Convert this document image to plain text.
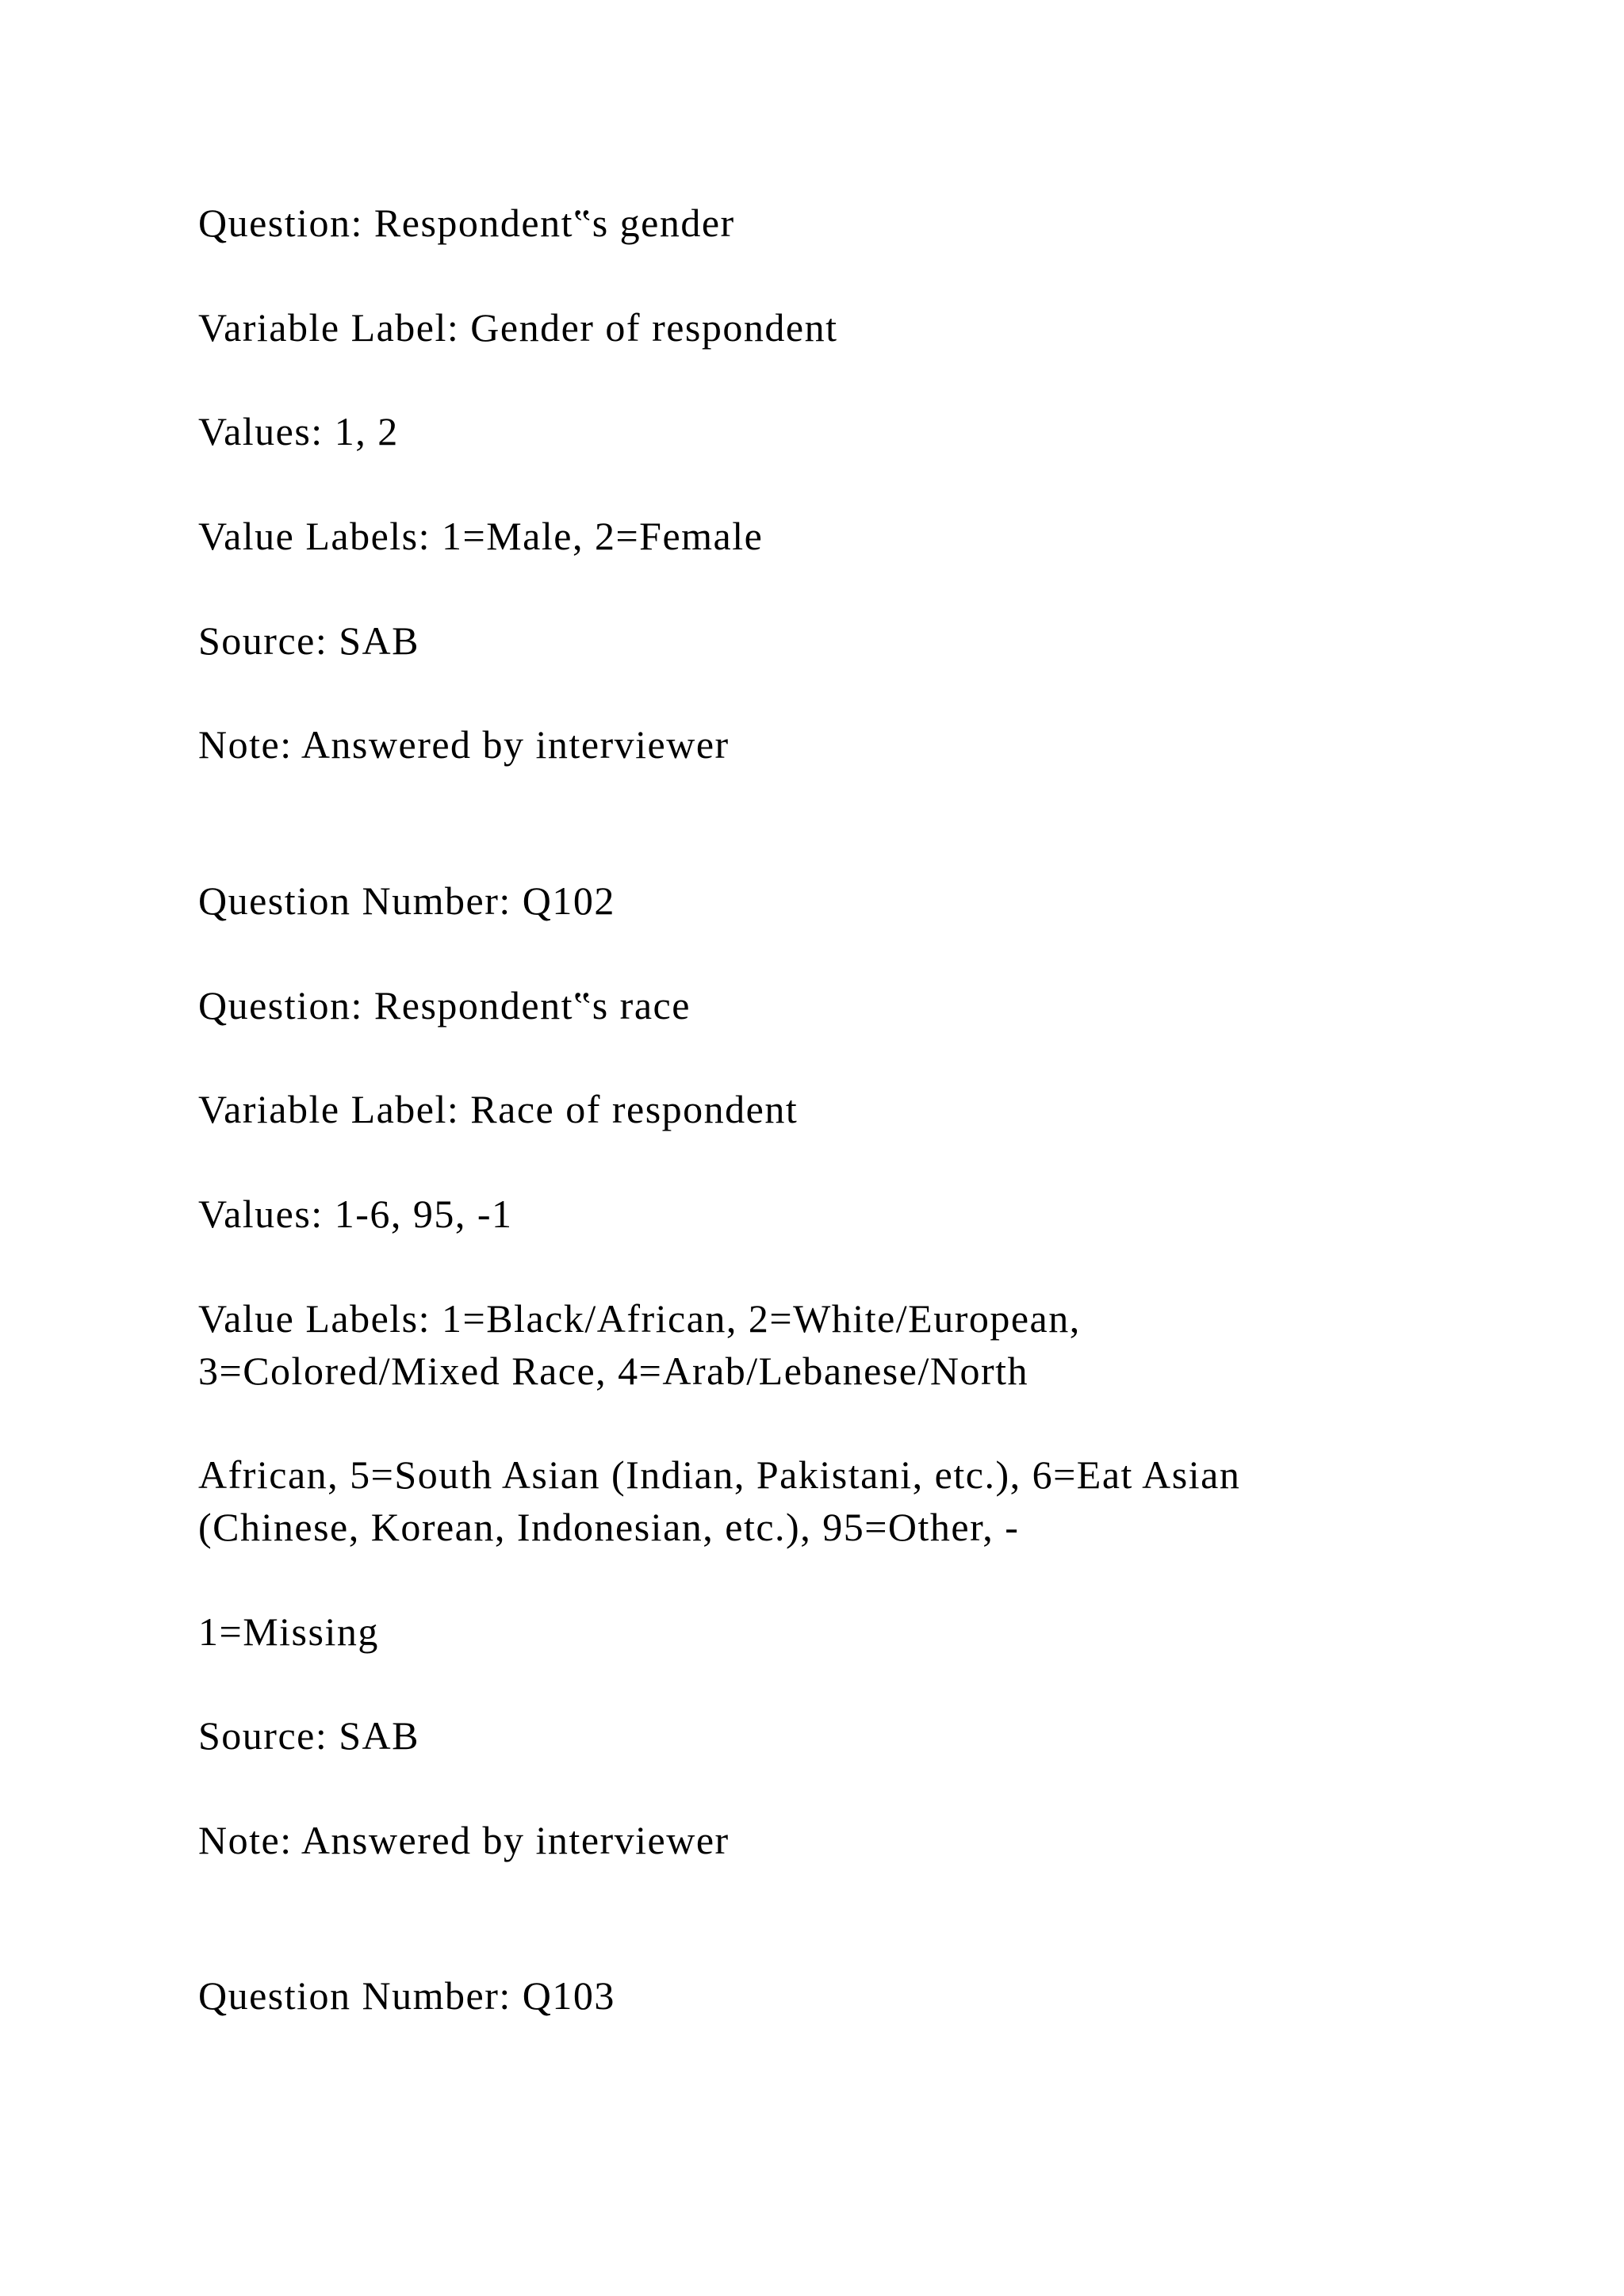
Question: Respondent‟s gender

Variable Label: Gender of respondent

Values: 1, 2

Value Labels: 1=Male, 2=Female

Source: SAB

Note: Answered by interviewer

Question Number: Q102

Question: Respondent‟s race

Variable Label: Race of respondent

Values: 1-6, 95, -1

Value Labels: 1=Black/African, 2=White/European,

3=Colored/Mixed Race, 4=Arab/Lebanese/North

African, 5=South Asian (Indian, Pakistani, etc.), 6=Eat Asian

(Chinese, Korean, Indonesian, etc.), 95=Other, -

1=Missing

Source: SAB

Note: Answered by interviewer

Question Number: Q103
